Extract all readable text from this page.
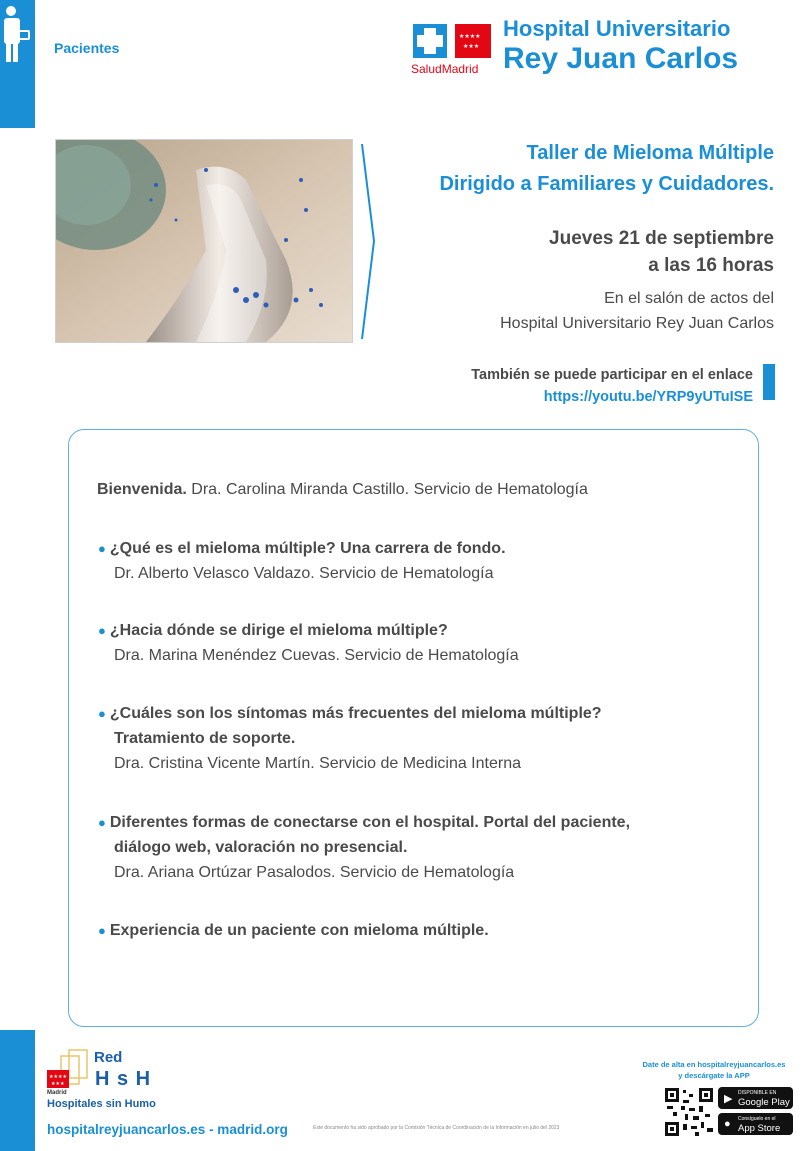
Pacientes
★★★★
★★★
SaludMadrid
Hospital Universitario
Rey Juan Carlos
Taller de Mieloma Múltiple
Dirigido a Familiares y Cuidadores.
Jueves 21 de septiembre
a las 16 horas
En el salón de actos del
Hospital Universitario Rey Juan Carlos
También se puede participar en el enlace
https://youtu.be/YRP9yUTuISE
Bienvenida. Dra. Carolina Miranda Castillo. Servicio de Hematología
● ¿Qué es el mieloma múltiple? Una carrera de fondo.
Dr. Alberto Velasco Valdazo. Servicio de Hematología
● ¿Hacia dónde se dirige el mieloma múltiple?
Dra. Marina Menéndez Cuevas. Servicio de Hematología
● ¿Cuáles son los síntomas más frecuentes del mieloma múltiple?
Tratamiento de soporte.
Dra. Cristina Vicente Martín. Servicio de Medicina Interna
● Diferentes formas de conectarse con el hospital. Portal del paciente,
diálogo web, valoración no presencial.
Dra. Ariana Ortúzar Pasalodos. Servicio de Hematología
● Experiencia de un paciente con mieloma múltiple.
★★★★
★★★
Red
H s H
Madrid
Hospitales sin Humo
hospitalreyjuancarlos.es - madrid.org	Este documento ha sido aprobado por la Comisión Técnica de Coordinación de la Información en julio del 2023
Date de alta en hospitalreyjuancarlos.es
y descárgate la APP
▶ DISPONIBLE EN
Google Play
● Consíguelo en el
App Store
